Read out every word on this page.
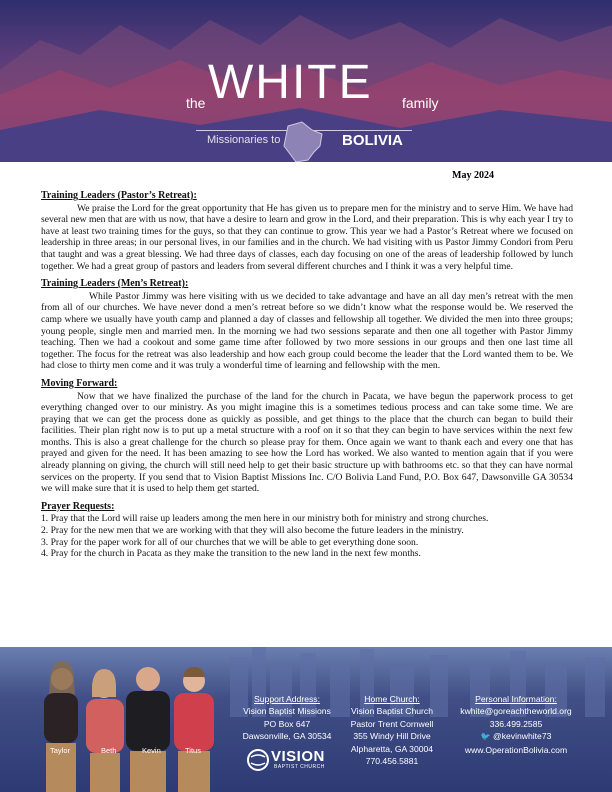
the WHITE family
Missionaries to	BOLIVIA
May 2024
Training Leaders (Pastor’s Retreat):

We praise the Lord for the great opportunity that He has given us to prepare men for the ministry and to serve Him. We have had several new men that are with us now, that have a desire to learn and grow in the Lord, and their preparation. This is why each year I try to have at least two training times for the guys, so that they can continue to grow. This year we had a Pastor’s Retreat where we focused on leadership in three areas; in our personal lives, in our families and in the church. We had visiting with us Pastor Jimmy Condori from Peru that taught and was a great blessing. We had three days of classes, each day focusing on one of the areas of leadership followed by lunch together. We had a great group of pastors and leaders from several different churches and I think it was a very helpful time.

Training Leaders (Men’s Retreat):

While Pastor Jimmy was here visiting with us we decided to take advantage and have an all day men’s retreat with the men from all of our churches. We have never dond a men’s retreat before so we didn’t know what the response would be. We reserved the camp where we usually have youth camp and planned a day of classes and fellowship all together. We divided the men into three groups; young people, single men and married men. In the morning we had two sessions separate and then one all together with Pastor Jimmy teaching. Then we had a cookout and some game time after followed by two more sessions in our groups and then one last time all together. The focus for the retreat was also leadership and how each group could become the leader that the Lord wanted them to be. We had close to thirty men come and it was truly a wonderful time of learning and fellowship with the men.

Moving Forward:

Now that we have finalized the purchase of the land for the church in Pacata, we have begun the paperwork process to get everything changed over to our ministry. As you might imagine this is a sometimes tedious process and can take some time. We are praying that we can get the process done as quickly as possible, and get things to the place that the church can began to build their facilities. Their plan right now is to put up a metal structure with a roof on it so that they can begin to have services within the next few months. This is also a great challenge for the church so please pray for them. Once again we want to thank each and every one that has prayed and given for the need. It has been amazing to see how the Lord has worked. We also wanted to mention again that if you were already planning on giving, the church will still need help to get their basic structure up with bathrooms etc. so that they can have normal services on the property. If you send that to Vision Baptist Missions Inc. C/O Bolivia Land Fund, P.O. Box 647, Dawsonville GA 30534 we will make sure that it is used to help them get started.

Prayer Requests:
1. Pray that the Lord will raise up leaders among the men here in our ministry both for ministry and strong churches.
2. Pray for the new men that we are working with that they will also become the future leaders in the ministry.
3. Pray for the paper work for all of our churches that we will be able to get everything done soon.
4. Pray for the church in Pacata as they make the transition to the new land in the next few months.
Taylor	Beth	Kevin	Titus
Support Address:
Vision Baptist Missions
PO Box 647
Dawsonville, GA 30534
Home Church:
Vision Baptist Church
Pastor Trent Cornwell
355 Windy Hill Drive
Alpharetta, GA 30004
770.456.5881
Personal Information:
kwhite@goreachtheworld.org
336.499.2585
🐦 @kevinwhite73
www.OperationBolivia.com
VISION
BAPTIST CHURCH
